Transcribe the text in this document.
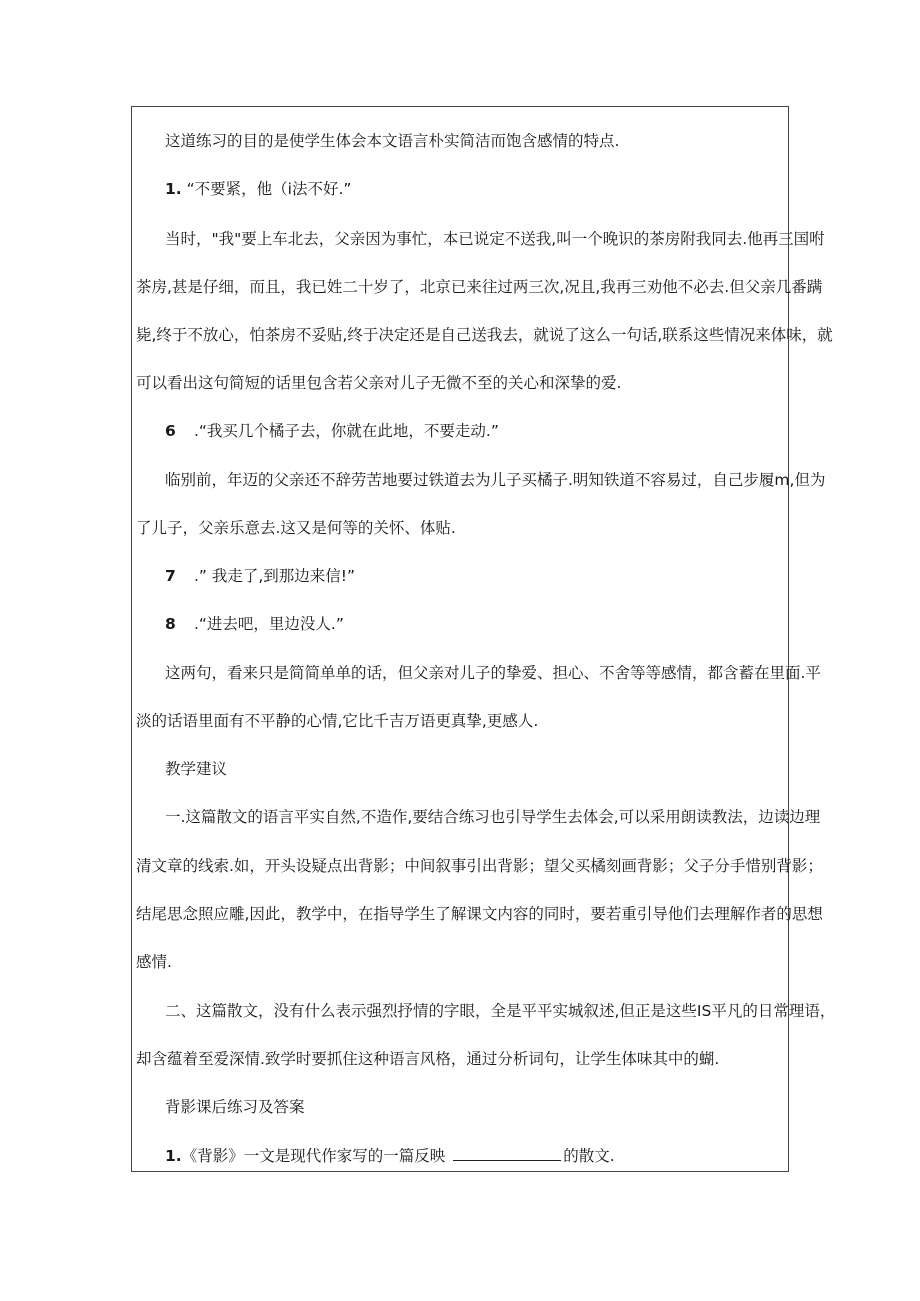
这道练习的目的是使学生体会本文语言朴实简洁而饱含感情的特点.
1. “不要紧，他（i法不好.”
当时，"我"要上车北去，父亲因为事忙，本已说定不送我,叫一个晚识的茶房附我同去.他再三国咐
茶房,甚是仔细，而且，我已姓二十岁了，北京已来往过两三次,况且,我再三劝他不必去.但父亲几番蹒
毙,终于不放心，怕茶房不妥贴,终于决定还是自己送我去，就说了这么一句话,联系这些情况来体味，就
可以看出这句简短的话里包含若父亲对儿子无微不至的关心和深挚的爱.
6 .“我买几个橘子去，你就在此地，不要走动.”
临别前，年迈的父亲还不辞劳苦地要过铁道去为儿子买橘子.明知铁道不容易过，自己步履m,但为
了儿子，父亲乐意去.这又是何等的关怀、体贴.
7 .” 我走了,到那边来信!”
8 .“进去吧，里边没人.”
这两句，看来只是简简单单的话，但父亲对儿子的挚爱、担心、不舍等等感情，都含蓄在里面.平
淡的话语里面有不平静的心情,它比千吉万语更真挚,更感人.
教学建议
一.这篇散文的语言平实自然,不造作,要结合练习也引导学生去体会,可以采用朗读教法，边读边理
清文章的线索.如，开头设疑点出背影；中间叙事引出背影；望父买橘刻画背影；父子分手惜别背影；
结尾思念照应雕,因此，教学中，在指导学生了解课文内容的同时，要若重引导他们去理解作者的思想
感情.
二、这篇散文，没有什么表示强烈抒情的字眼，全是平平实城叙述,但正是这些IS平凡的日常理语，
却含蕴着至爱深情.致学时要抓住这种语言风格，通过分析词句，让学生体味其中的蝴.
背影课后练习及答案
1.《背影》一文是现代作家写的一篇反映	的散文.
